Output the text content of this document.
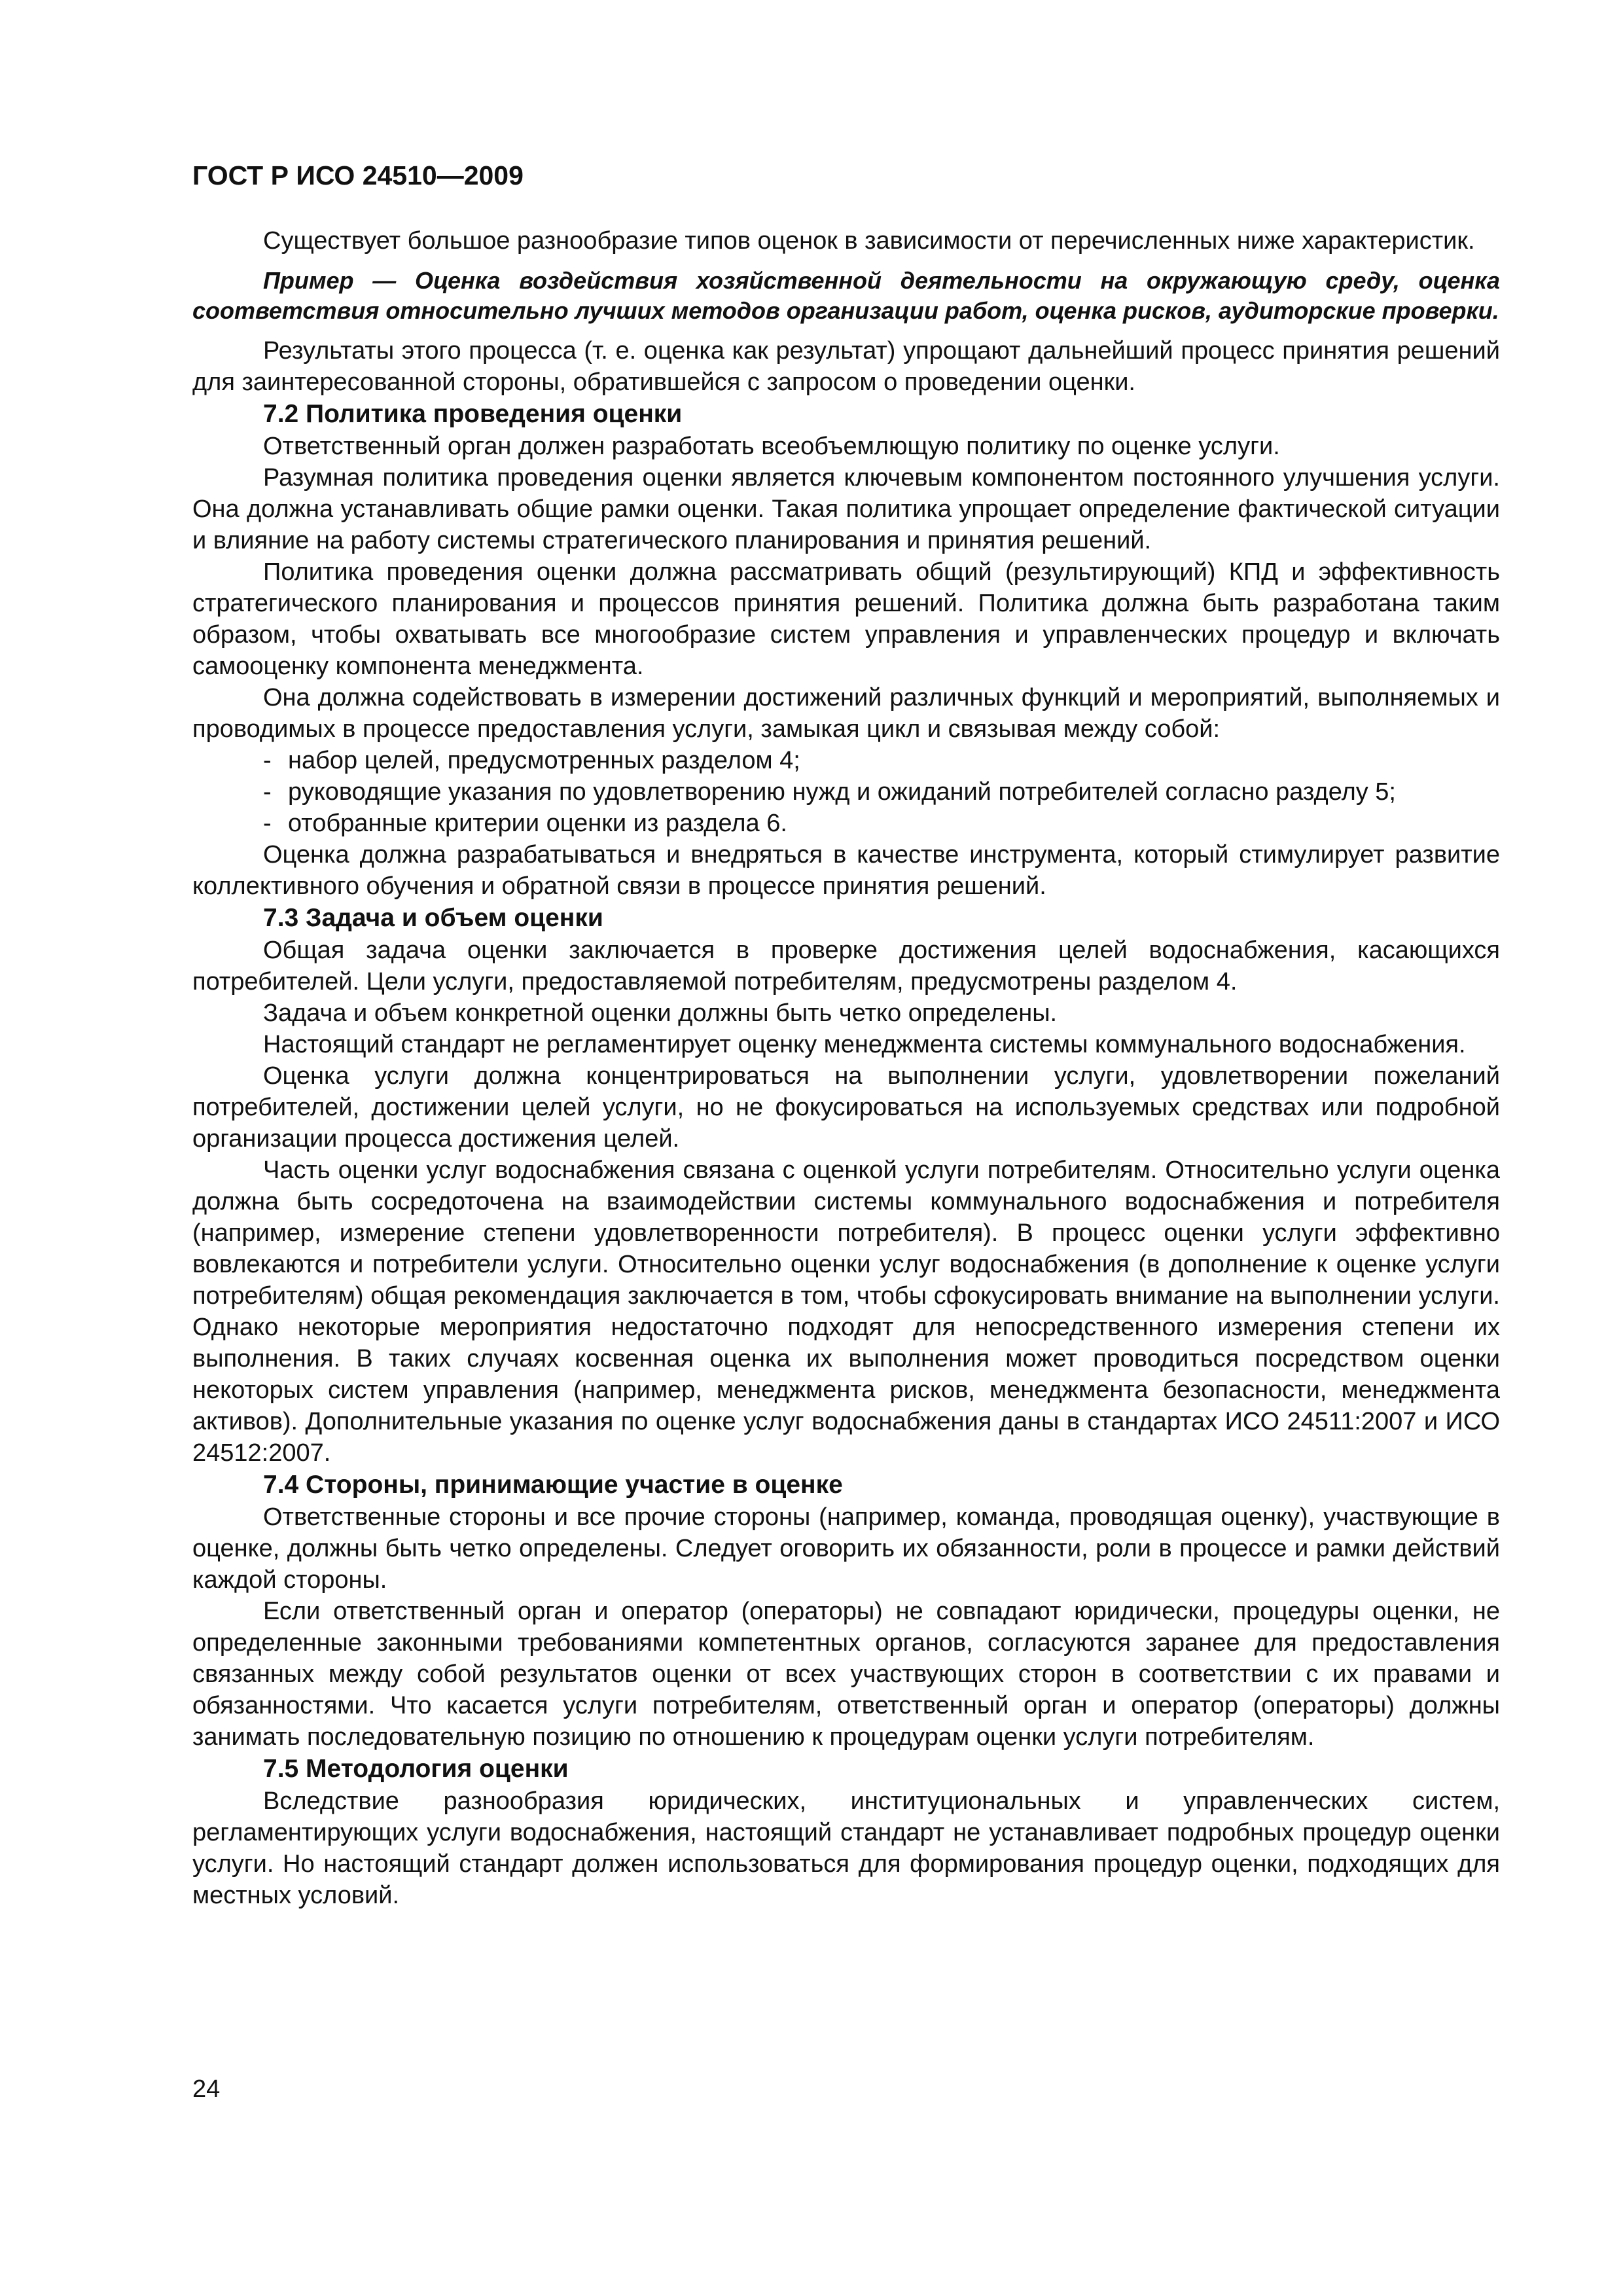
ГОСТ Р ИСО 24510—2009

Существует большое разнообразие типов оценок в зависимости от перечисленных ниже характеристик.

Пример — Оценка воздействия хозяйственной деятельности на окружающую среду, оценка соответствия относительно лучших методов организации работ, оценка рисков, аудиторские проверки.

Результаты этого процесса (т. е. оценка как результат) упрощают дальнейший процесс принятия решений для заинтересованной стороны, обратившейся с запросом о проведении оценки.

7.2 Политика проведения оценки

Ответственный орган должен разработать всеобъемлющую политику по оценке услуги.

Разумная политика проведения оценки является ключевым компонентом постоянного улучшения услуги. Она должна устанавливать общие рамки оценки. Такая политика упрощает определение фактической ситуации и влияние на работу системы стратегического планирования и принятия решений.

Политика проведения оценки должна рассматривать общий (результирующий) КПД и эффективность стратегического планирования и процессов принятия решений. Политика должна быть разработана таким образом, чтобы охватывать все многообразие систем управления и управленческих процедур и включать самооценку компонента менеджмента.

Она должна содействовать в измерении достижений различных функций и мероприятий, выполняемых и проводимых в процессе предоставления услуги, замыкая цикл и связывая между собой:

- набор целей, предусмотренных разделом 4;
- руководящие указания по удовлетворению нужд и ожиданий потребителей согласно разделу 5;
- отобранные критерии оценки из раздела 6.

Оценка должна разрабатываться и внедряться в качестве инструмента, который стимулирует развитие коллективного обучения и обратной связи в процессе принятия решений.

7.3 Задача и объем оценки

Общая задача оценки заключается в проверке достижения целей водоснабжения, касающихся потребителей. Цели услуги, предоставляемой потребителям, предусмотрены разделом 4.

Задача и объем конкретной оценки должны быть четко определены.

Настоящий стандарт не регламентирует оценку менеджмента системы коммунального водоснабжения.

Оценка услуги должна концентрироваться на выполнении услуги, удовлетворении пожеланий потребителей, достижении целей услуги, но не фокусироваться на используемых средствах или подробной организации процесса достижения целей.

Часть оценки услуг водоснабжения связана с оценкой услуги потребителям. Относительно услуги оценка должна быть сосредоточена на взаимодействии системы коммунального водоснабжения и потребителя (например, измерение степени удовлетворенности потребителя). В процесс оценки услуги эффективно вовлекаются и потребители услуги. Относительно оценки услуг водоснабжения (в дополнение к оценке услуги потребителям) общая рекомендация заключается в том, чтобы сфокусировать внимание на выполнении услуги. Однако некоторые мероприятия недостаточно подходят для непосредственного измерения степени их выполнения. В таких случаях косвенная оценка их выполнения может проводиться посредством оценки некоторых систем управления (например, менеджмента рисков, менеджмента безопасности, менеджмента активов). Дополнительные указания по оценке услуг водоснабжения даны в стандартах ИСО 24511:2007 и ИСО 24512:2007.

7.4 Стороны, принимающие участие в оценке

Ответственные стороны и все прочие стороны (например, команда, проводящая оценку), участвующие в оценке, должны быть четко определены. Следует оговорить их обязанности, роли в процессе и рамки действий каждой стороны.

Если ответственный орган и оператор (операторы) не совпадают юридически, процедуры оценки, не определенные законными требованиями компетентных органов, согласуются заранее для предоставления связанных между собой результатов оценки от всех участвующих сторон в соответствии с их правами и обязанностями. Что касается услуги потребителям, ответственный орган и оператор (операторы) должны занимать последовательную позицию по отношению к процедурам оценки услуги потребителям.

7.5 Методология оценки

Вследствие разнообразия юридических, институциональных и управленческих систем, регламентирующих услуги водоснабжения, настоящий стандарт не устанавливает подробных процедур оценки услуги. Но настоящий стандарт должен использоваться для формирования процедур оценки, подходящих для местных условий.

24
